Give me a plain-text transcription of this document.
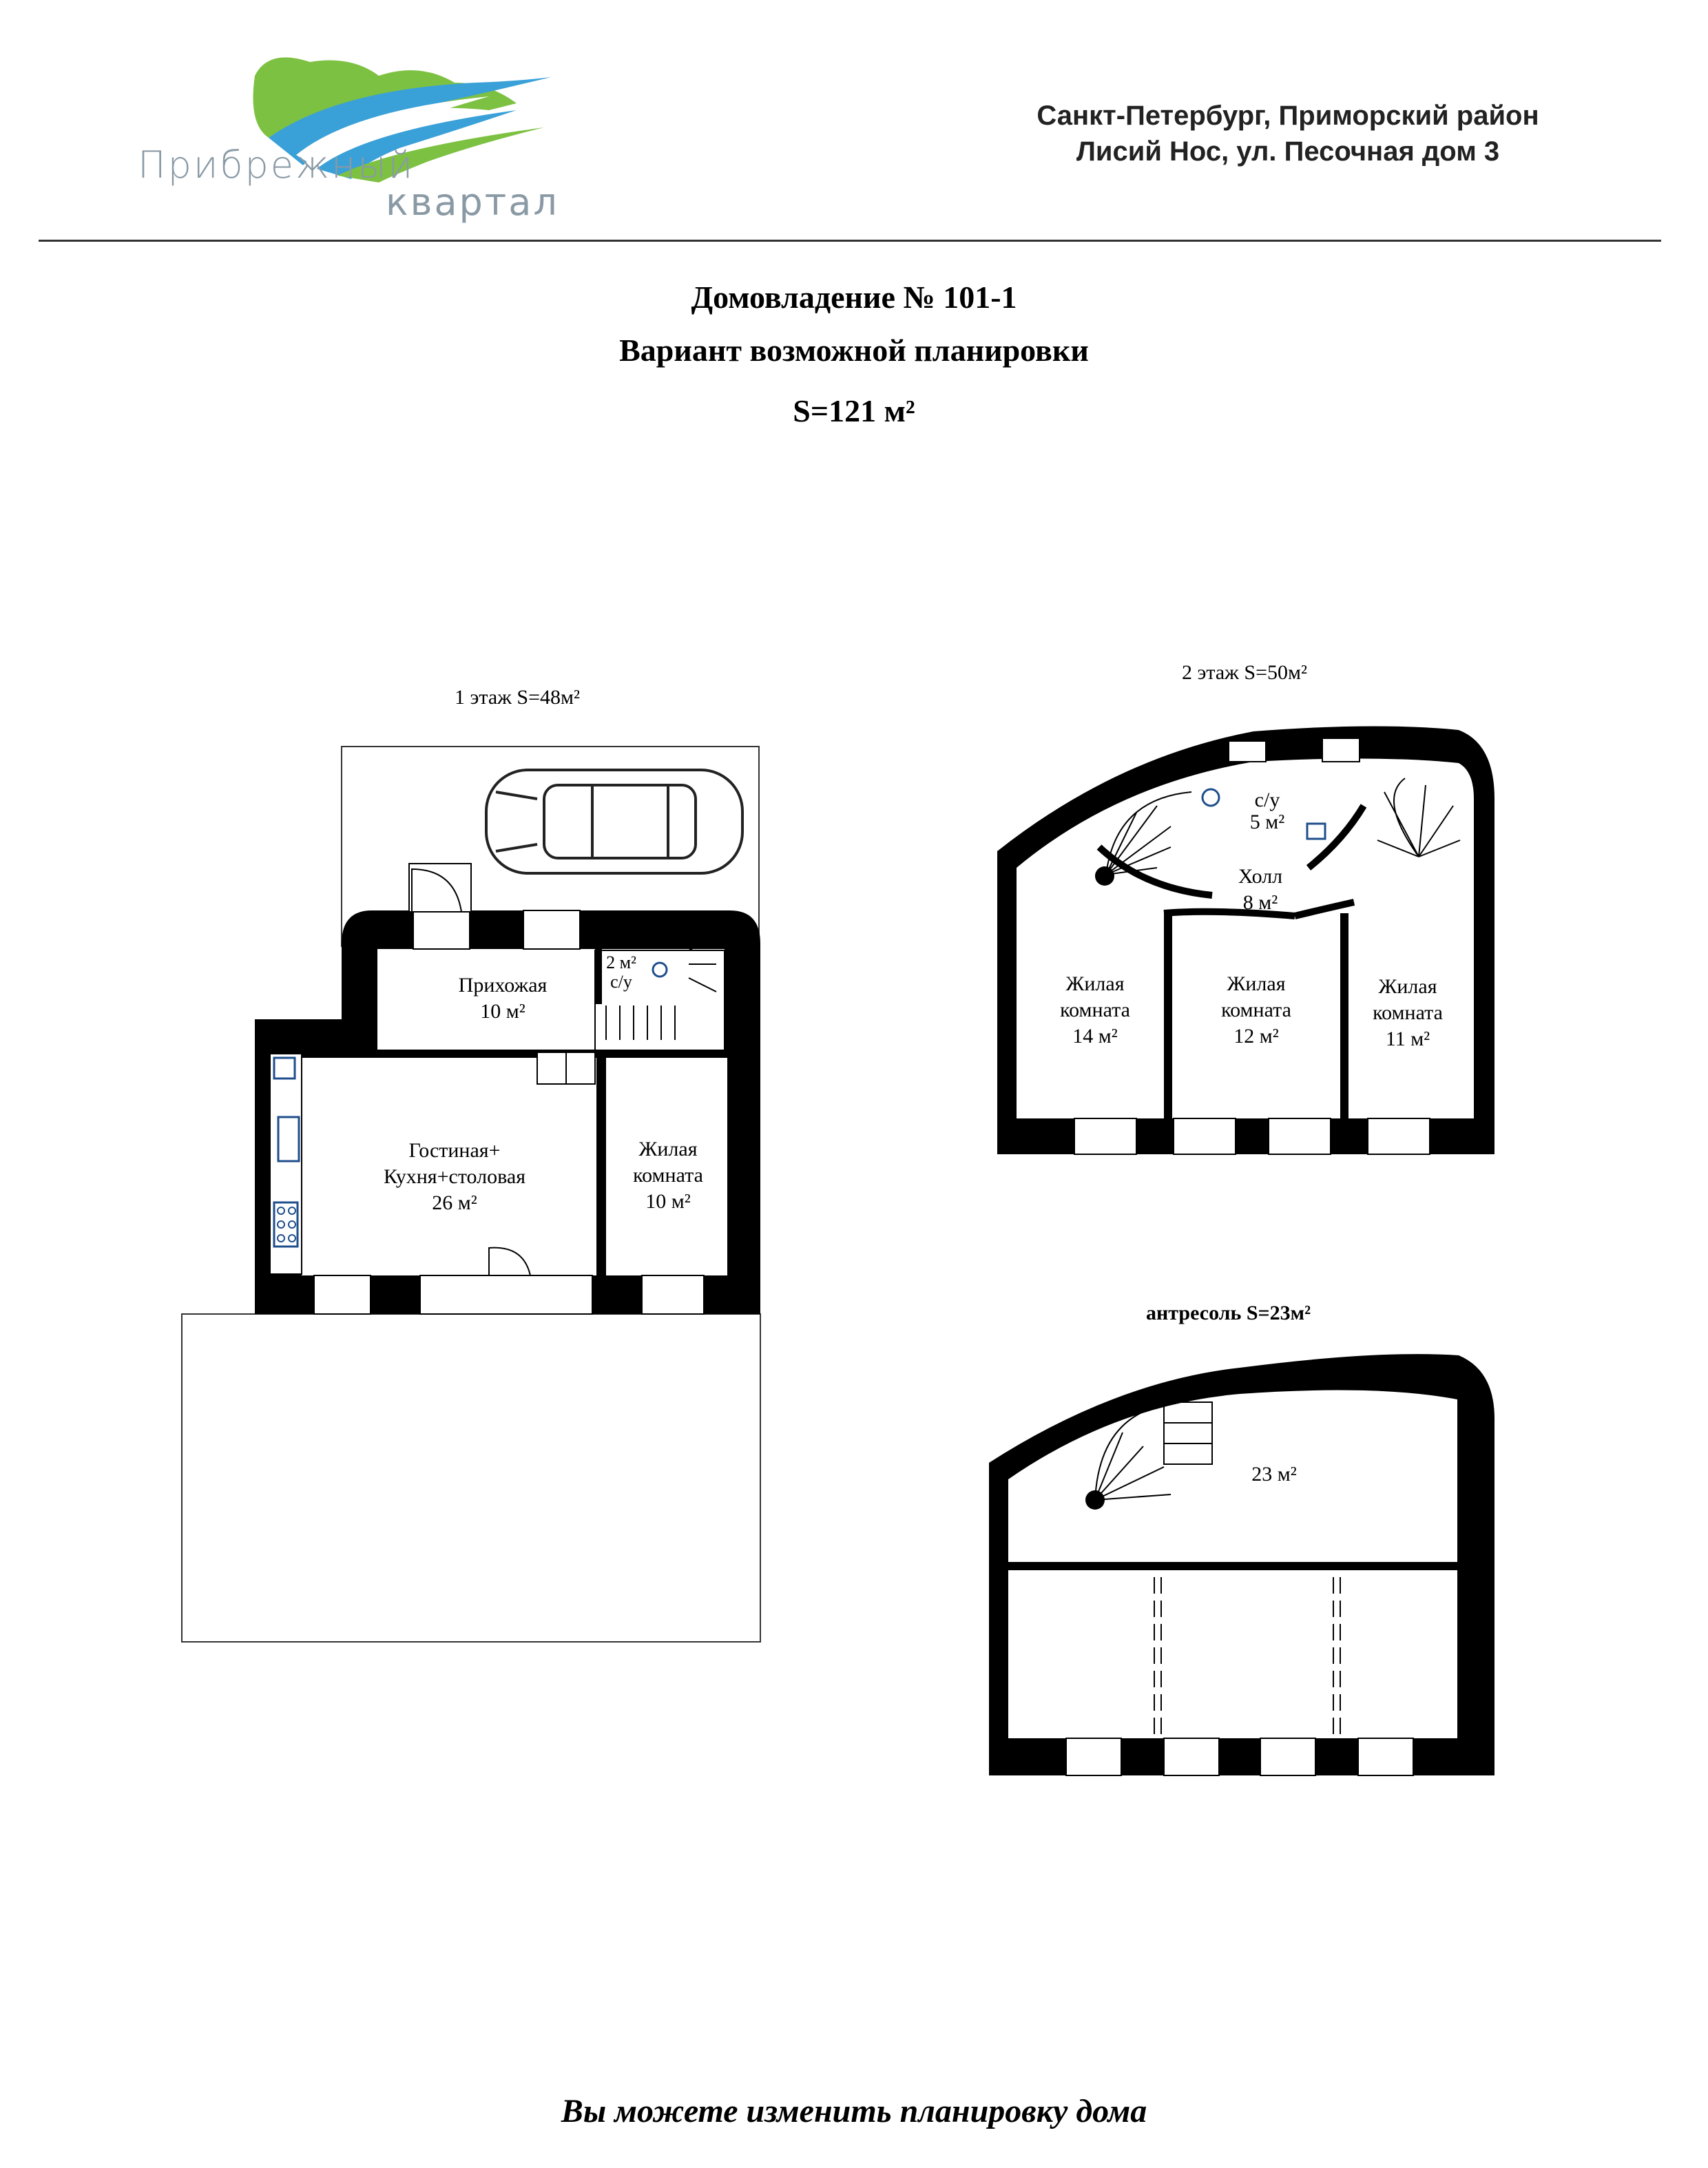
Прибрежный
квартал
Санкт-Петербург, Приморский район
Лисий Нос, ул. Песочная дом 3
Домовладение № 101-1
Вариант возможной планировки
S=121 м²
1 этаж S=48м²
2 этаж S=50м²
антресоль S=23м²
Прихожая
10 м²
2 м²
с/у
Гостиная+
Кухня+столовая
26 м²
Жилая
комната
10 м²
с/у
5 м²
Холл
8 м²
Жилая
комната
14 м²
Жилая
комната
12 м²
Жилая
комната
11 м²
23 м²
Вы можете изменить планировку дома
